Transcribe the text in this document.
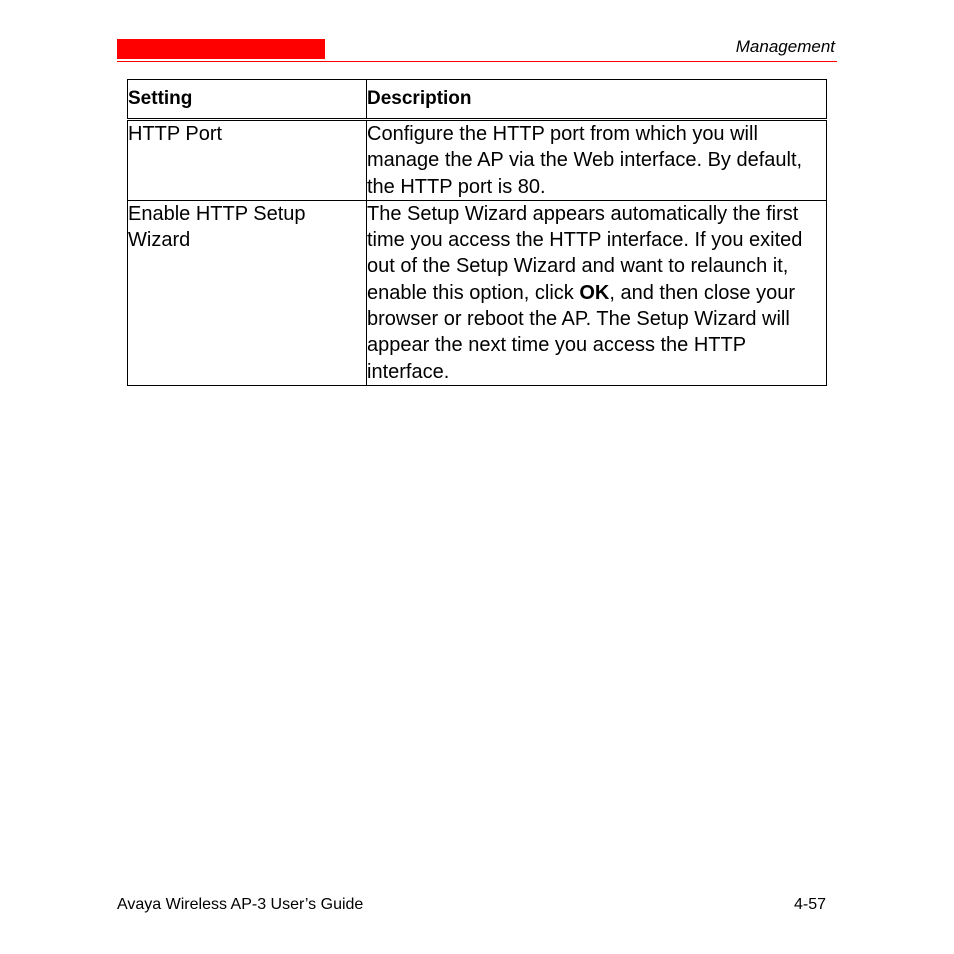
Management
Setting	Description
HTTP Port	Configure the HTTP port from which you will manage the AP via the Web interface. By default, the HTTP port is 80.
Enable HTTP Setup Wizard	The Setup Wizard appears automatically the first time you access the HTTP interface. If you exited out of the Setup Wizard and want to relaunch it, enable this option, click OK, and then close your browser or reboot the AP. The Setup Wizard will appear the next time you access the HTTP interface.
Avaya Wireless AP-3 User’s Guide	4-57
